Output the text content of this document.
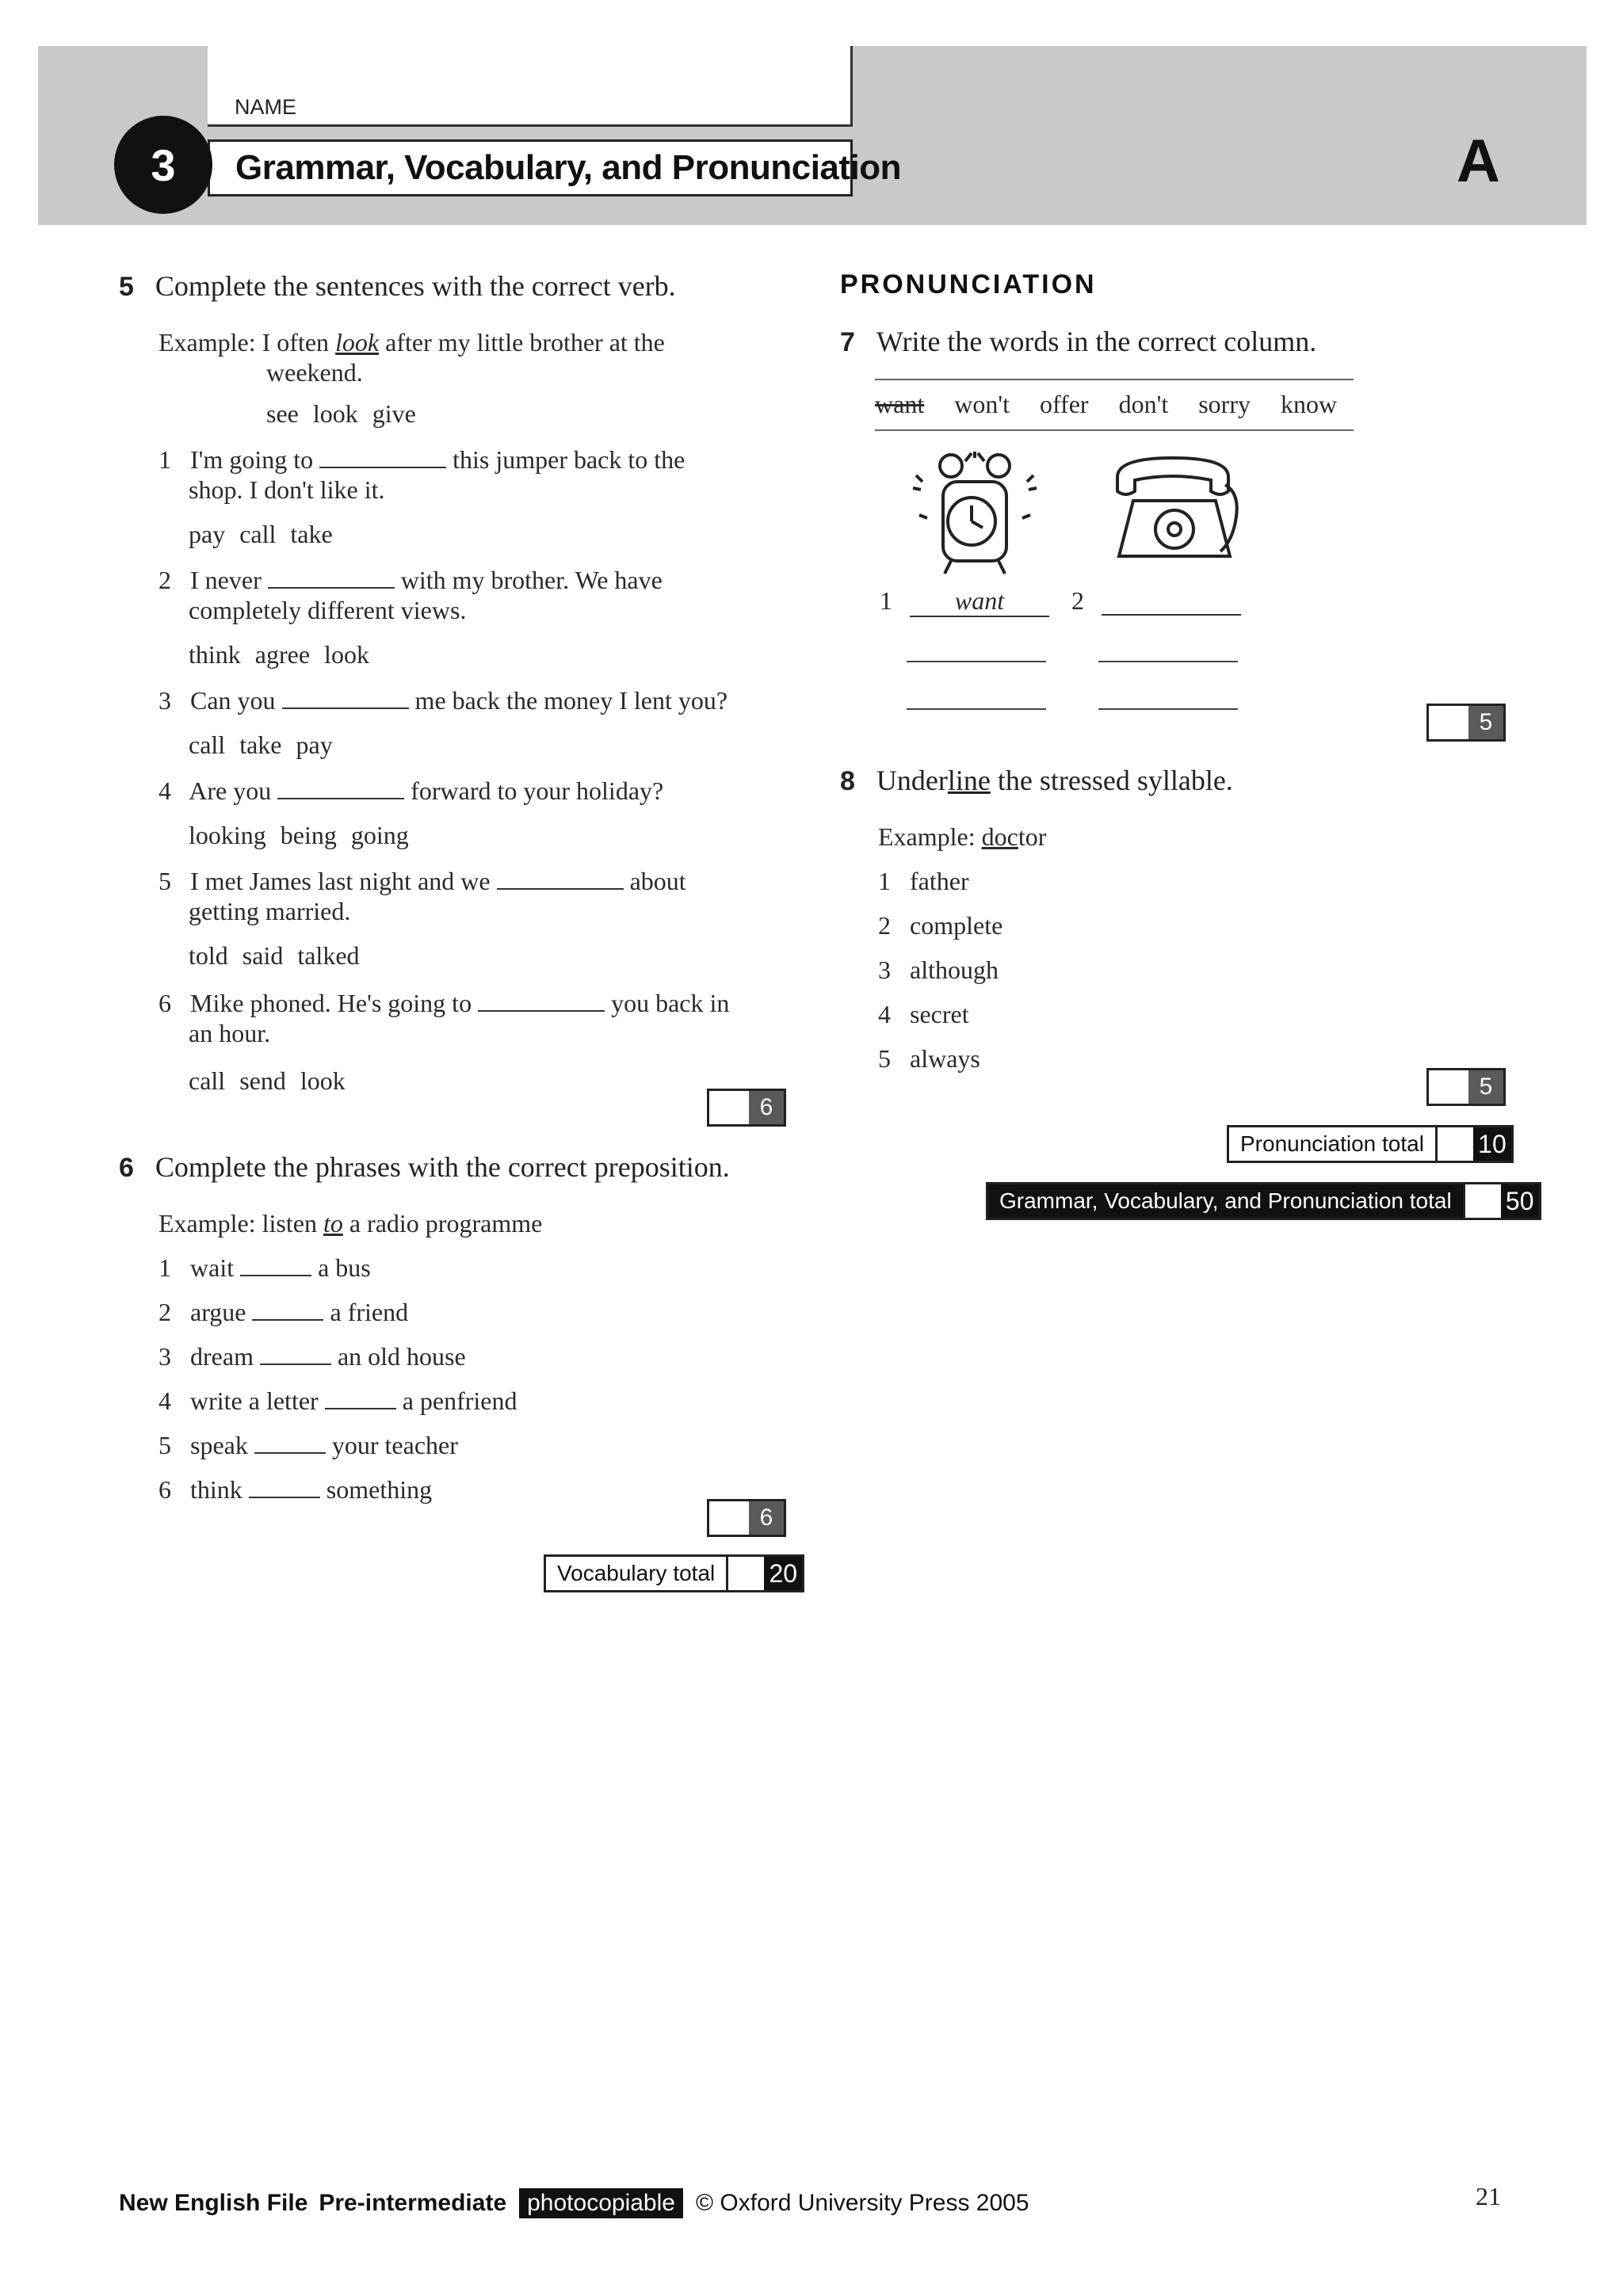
NAME
Grammar, Vocabulary, and Pronunciation
3	A
5 Complete the sentences with the correct verb.
Example: I often look after my little brother at the
weekend.
see look give
1 I'm going to	this jumper back to the
shop. I don't like it.
pay call take
2 I never	with my brother. We have
completely different views.
think agree look
3 Can you	me back the money I lent you?
call take pay
4 Are you	forward to your holiday?
looking being going
5 I met James last night and we	about
getting married.
told said talked
6 Mike phoned. He's going to	you back in
an hour.
call send look
6
6 Complete the phrases with the correct preposition.
Example: listen to a radio programme
1 wait	a bus
2 argue	a friend
3 dream	an old house
4 write a letter	a penfriend
5 speak	your teacher
6 think	something
6
Vocabulary total	20
PRONUNCIATION
7 Write the words in the correct column.
want won't offer don't sorry know
1 want	2
5
8 Underline the stressed syllable.
Example: doctor
1 father
2 complete
3 although
4 secret
5 always
5
Pronunciation total	10
Grammar, Vocabulary, and Pronunciation total	50
New English File Pre-intermediate photocopiable © Oxford University Press 2005	21
